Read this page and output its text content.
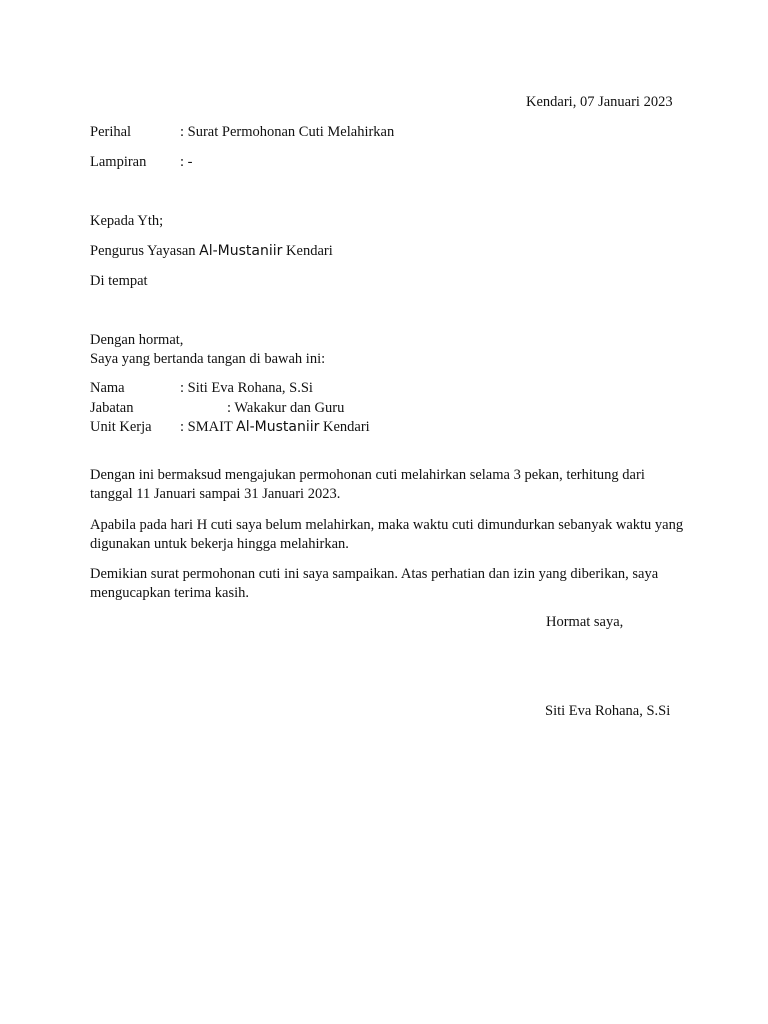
Kendari, 07 Januari 2023
Perihal	: Surat Permohonan Cuti Melahirkan
Lampiran : -
Kepada Yth;
Pengurus Yayasan Al-Mustaniir Kendari
Di tempat
Dengan hormat,
Saya yang bertanda tangan di bawah ini:
Nama	: Siti Eva Rohana, S.Si
Jabatan	: Wakakur dan Guru
Unit Kerja : SMAIT Al-Mustaniir Kendari
Dengan ini bermaksud mengajukan permohonan cuti melahirkan selama 3 pekan, terhitung dari tanggal 11 Januari sampai 31 Januari 2023.
Apabila pada hari H cuti saya belum melahirkan, maka waktu cuti dimundurkan sebanyak waktu yang digunakan untuk bekerja hingga melahirkan.
Demikian surat permohonan cuti ini saya sampaikan. Atas perhatian dan izin yang diberikan, saya mengucapkan terima kasih.
Hormat saya,
Siti Eva Rohana, S.Si
